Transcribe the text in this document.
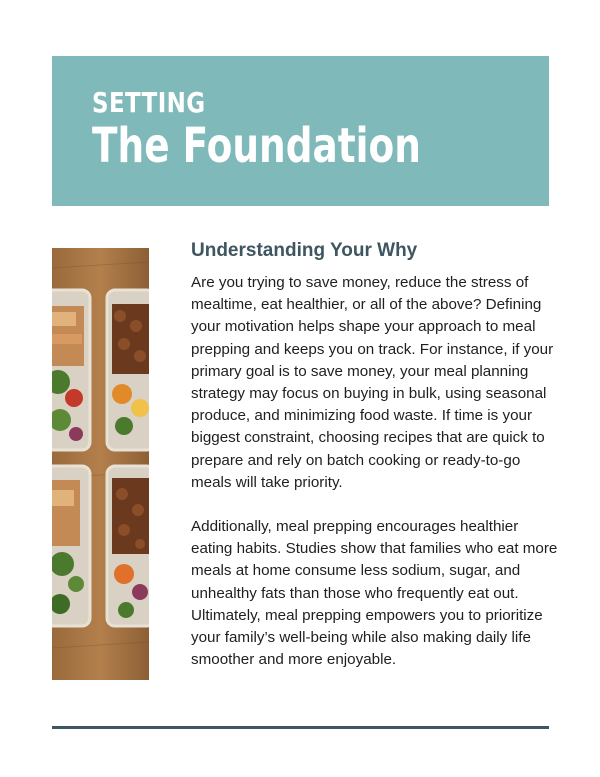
SETTING
The Foundation
Understanding Your Why

Are you trying to save money, reduce the stress of mealtime, eat healthier, or all of the above? Defining your motivation helps shape your approach to meal prepping and keeps you on track. For instance, if your primary goal is to save money, your meal planning strategy may focus on buying in bulk, using seasonal produce, and minimizing food waste. If time is your biggest constraint, choosing recipes that are quick to prepare and rely on batch cooking or ready-to-go meals will take priority.

Additionally, meal prepping encourages healthier eating habits. Studies show that families who eat more meals at home consume less sodium, sugar, and unhealthy fats than those who frequently eat out. Ultimately, meal prepping empowers you to prioritize your family’s well-being while also making daily life smoother and more enjoyable.
